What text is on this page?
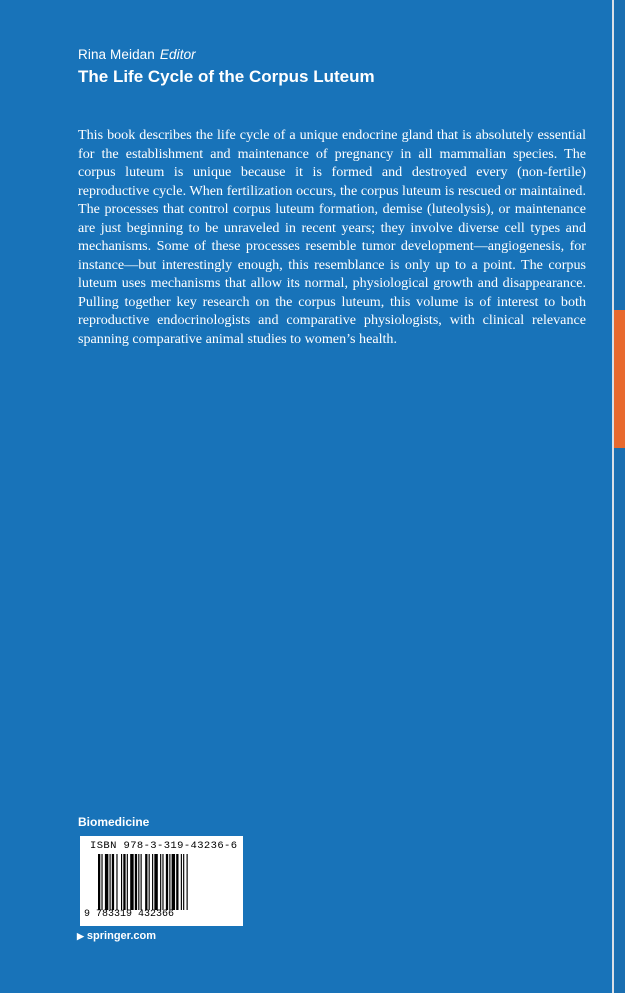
Rina Meidan Editor
The Life Cycle of the Corpus Luteum
This book describes the life cycle of a unique endocrine gland that is absolutely essential for the establishment and maintenance of pregnancy in all mammalian species. The corpus luteum is unique because it is formed and destroyed every (non-fertile) reproductive cycle. When fertilization occurs, the corpus luteum is rescued or maintained. The processes that control corpus luteum formation, demise (luteolysis), or maintenance are just beginning to be unraveled in recent years; they involve diverse cell types and mechanisms. Some of these processes resemble tumor development—angiogenesis, for instance—but interestingly enough, this resemblance is only up to a point. The corpus luteum uses mechanisms that allow its normal, physiological growth and disappearance. Pulling together key research on the corpus luteum, this volume is of interest to both reproductive endocrinologists and comparative physiologists, with clinical relevance spanning comparative animal studies to women’s health.
Biomedicine
ISBN 978-3-319-43236-6
9 783319 432366
▶ springer.com
